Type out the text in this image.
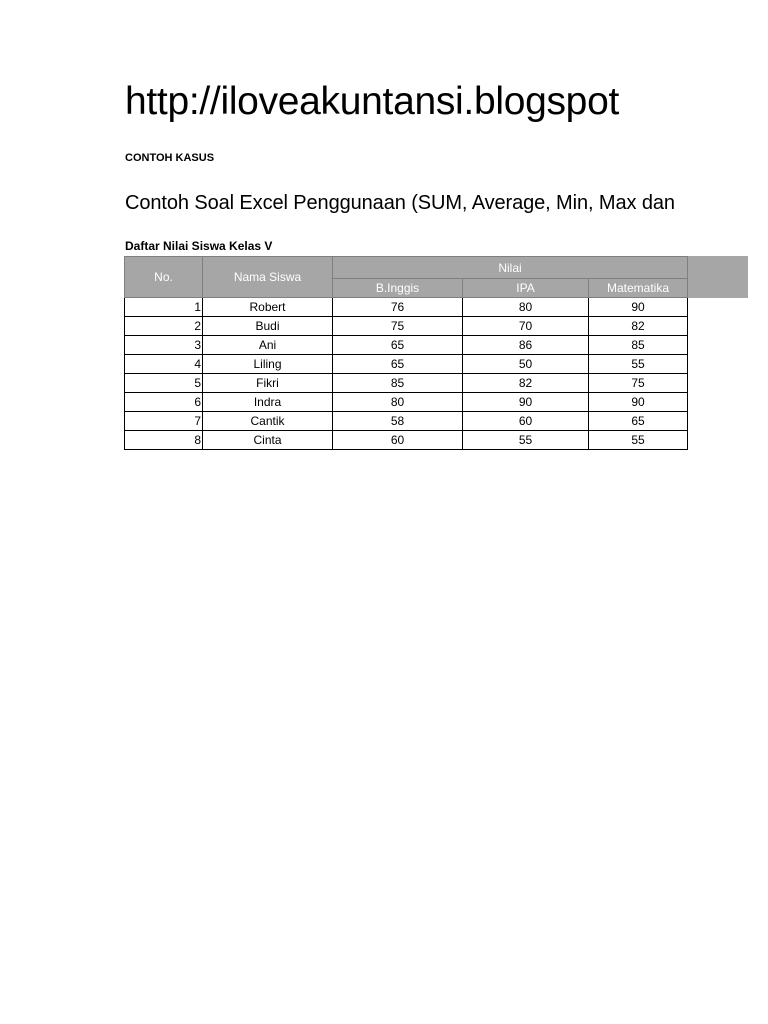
http://iloveakuntansi.blogspot
CONTOH KASUS
Contoh Soal Excel Penggunaan (SUM, Average, Min, Max dan
Daftar Nilai Siswa Kelas V
No.	Nama Siswa	Nilai		
		B.Inggis	IPA	Matematika
1	Robert	76	80	90
2	Budi	75	70	82
3	Ani	65	86	85
4	Liling	65	50	55
5	Fikri	85	82	75
6	Indra	80	90	90
7	Cantik	58	60	65
8	Cinta	60	55	55
